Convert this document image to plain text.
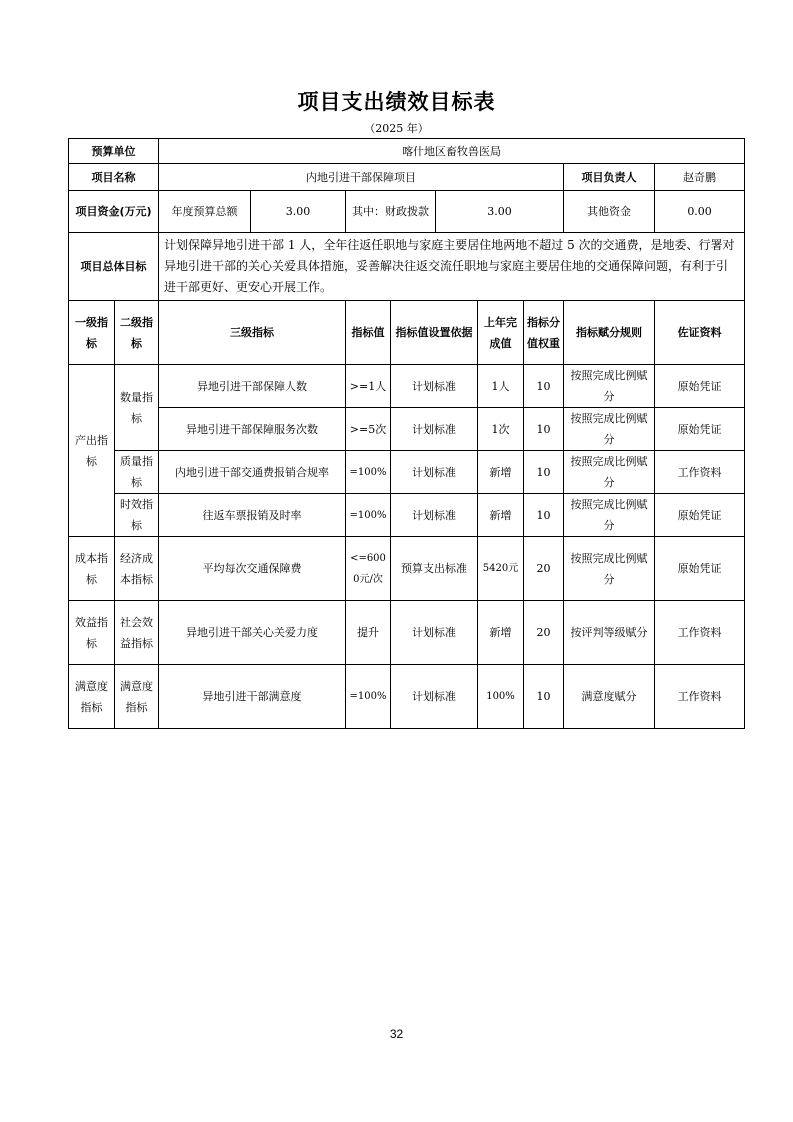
项目支出绩效目标表
（2025 年）
预算单位		喀什地区畜牧兽医局								
项目名称		内地引进干部保障项目							项目负责人	赵奇鹏
项目资金(万元)		年度预算总额	3.00	其中：财政拨款		3.00			其他资金	0.00
项目总体目标		计划保障异地引进干部 1 人，全年往返任职地与家庭主要居住地两地不超过 5 次的交通费，是地委、行署对异地引进干部的关心关爱具体措施，妥善解决往返交流任职地与家庭主要居住地的交通保障问题，有利于引进干部更好、更安心开展工作。								
一级指标	二级指标	三级指标		指标值	指标值设置依据		上年完成值	指标分值权重	指标赋分规则	佐证资料
产出指标	数量指标	异地引进干部保障人数		>=1人	计划标准		1人	10	按照完成比例赋分	原始凭证
		异地引进干部保障服务次数		>=5次	计划标准		1次	10	按照完成比例赋分	原始凭证
	质量指标	内地引进干部交通费报销合规率		=100%	计划标准		新增	10	按照完成比例赋分	工作资料
	时效指标	往返车票报销及时率		=100%	计划标准		新增	10	按照完成比例赋分	原始凭证
成本指标	经济成本指标	平均每次交通保障费		<=6000元/次	预算支出标准		5420元	20	按照完成比例赋分	原始凭证
效益指标	社会效益指标	异地引进干部关心关爱力度		提升	计划标准		新增	20	按评判等级赋分	工作资料
满意度指标	满意度指标	异地引进干部满意度		=100%	计划标准		100%	10	满意度赋分	工作资料
32
